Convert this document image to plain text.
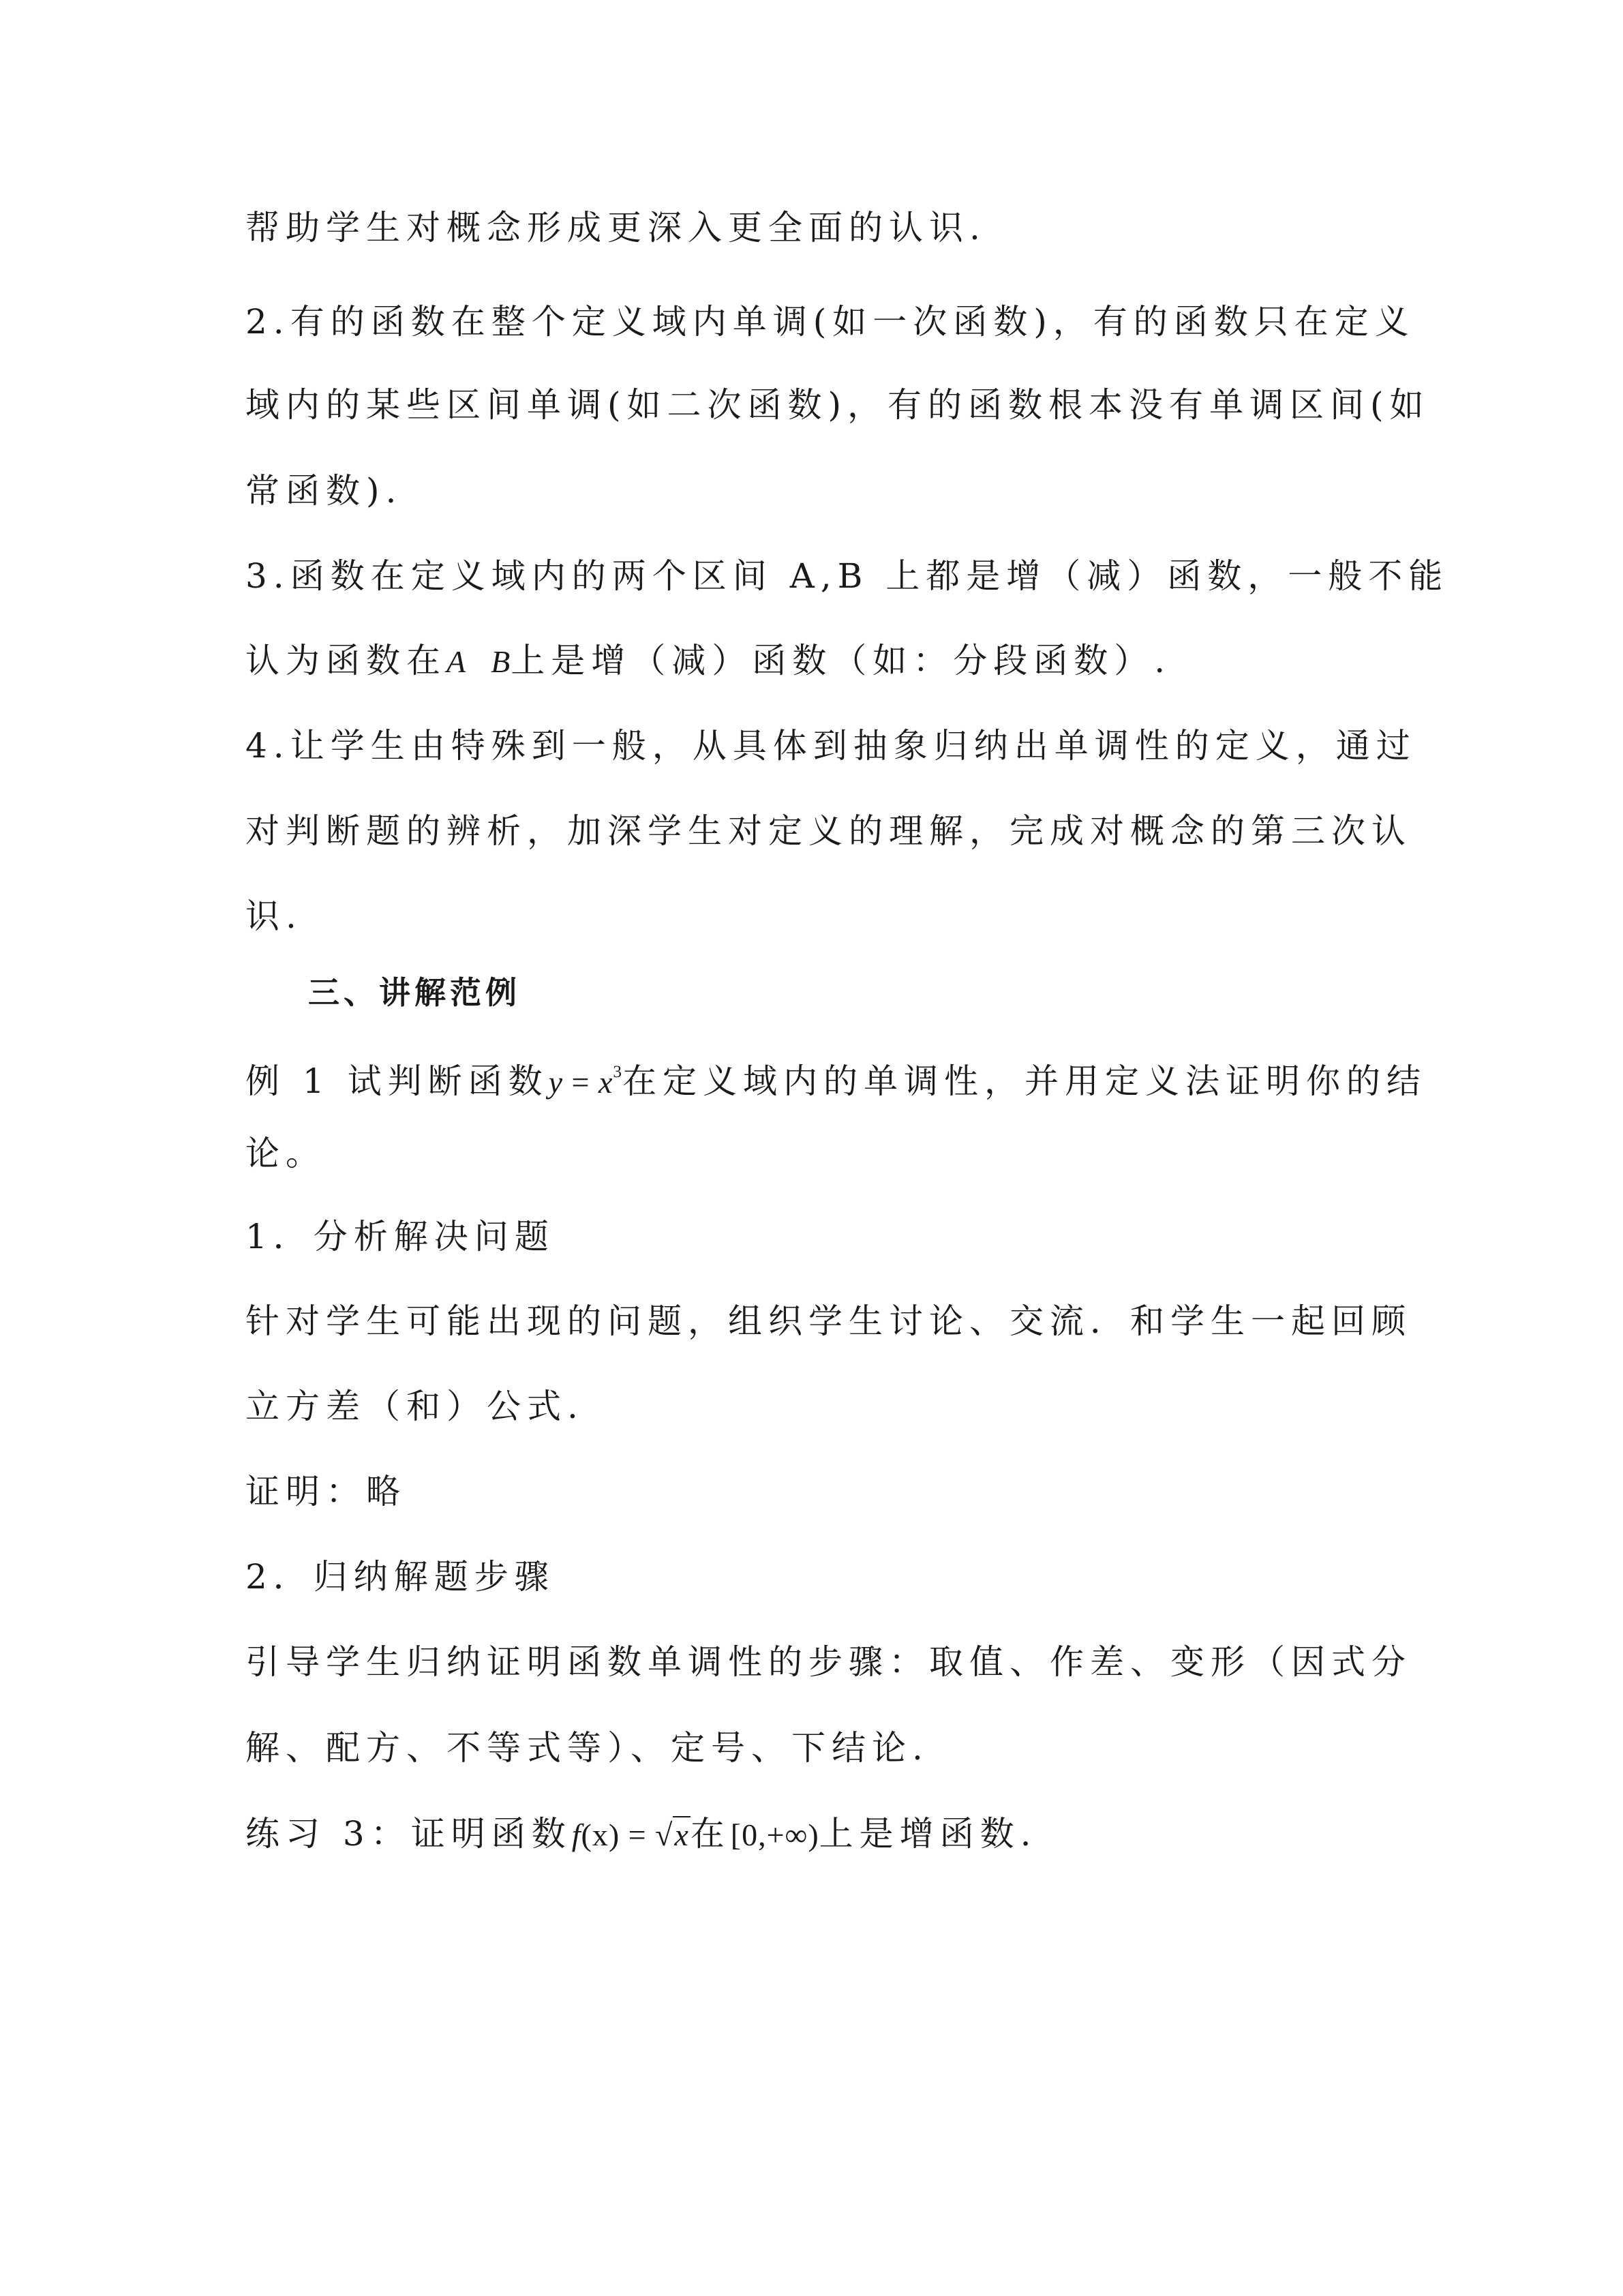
帮助学生对概念形成更深入更全面的认识.
2.有的函数在整个定义域内单调(如一次函数)，有的函数只在定义
域内的某些区间单调(如二次函数)，有的函数根本没有单调区间(如
常函数).
3.函数在定义域内的两个区间 A,B 上都是增（减）函数，一般不能
认为函数在A B上是增（减）函数（如：分段函数）.
4.让学生由特殊到一般，从具体到抽象归纳出单调性的定义，通过
对判断题的辨析，加深学生对定义的理解，完成对概念的第三次认
识.
三、讲解范例
例 1 试判断函数$y = x^3$在定义域内的单调性，并用定义法证明你的结
论。
1．分析解决问题
针对学生可能出现的问题，组织学生讨论、交流．和学生一起回顾
立方差（和）公式.
证明：略
2．归纳解题步骤
引导学生归纳证明函数单调性的步骤：取值、作差、变形（因式分
解、配方、不等式等）、定号、下结论.
练习 3：证明函数f(x) = √x在[0,+∞)上是增函数.
